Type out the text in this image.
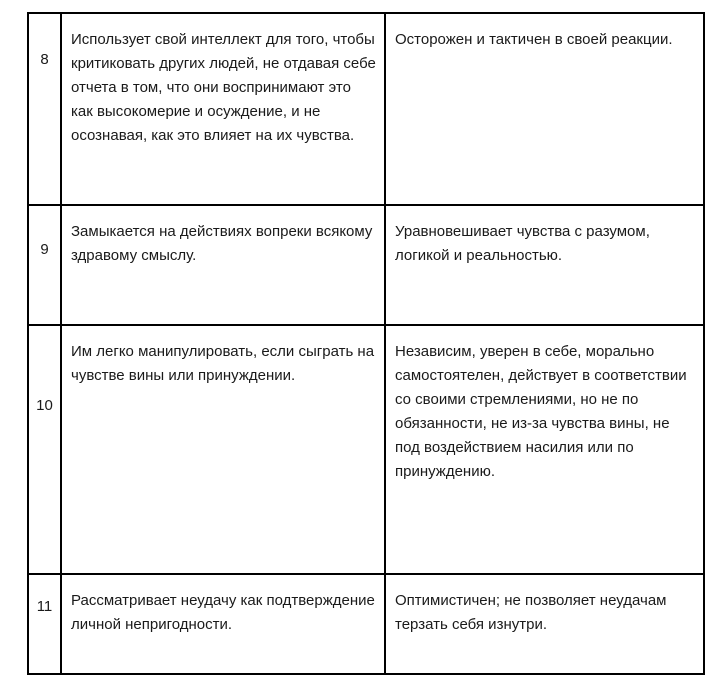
8	Использует свой интеллект для того, чтобы критиковать других людей, не отдавая себе отчета в том, что они воспринимают это как высокомерие и осуждение, и не осознавая, как это влияет на их чувства.	Осторожен и тактичен в своей реакции.
9	Замыкается на действиях вопреки всякому здравому смыслу.	Уравновешивает чувства с разумом, логикой и реальностью.
10	Им легко манипулировать, если сыграть на чувстве вины или принуждении.	Независим, уверен в себе, морально самостоятелен, действует в соответствии со своими стремлениями, но не по обязанности, не из-за чувства вины, не под воздействием насилия или по принуждению.
11	Рассматривает неудачу как подтверждение личной непригодности.	Оптимистичен; не позволяет неудачам терзать себя изнутри.
